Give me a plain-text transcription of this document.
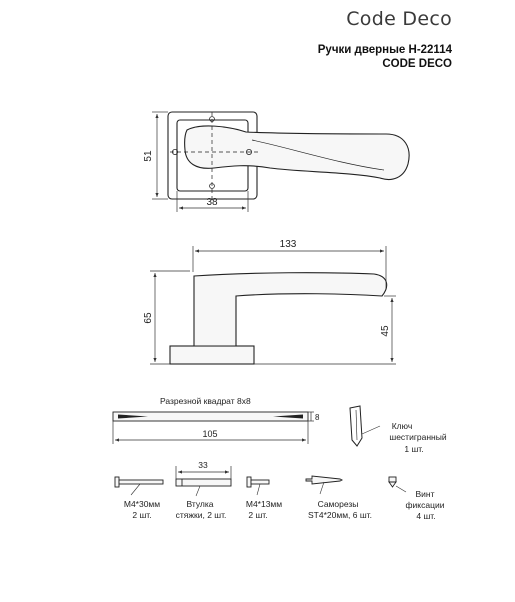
Code Deco
Ручки дверные H-22114
CODE DECO
51
38
133
65
45
Разрезной квадрат 8х8
105
8
Ключ
шестигранный
1 шт.
М4*30мм
2 шт.
33
Втулка
стяжки, 2 шт.
М4*13мм
2 шт.
Саморезы
ST4*20мм, 6 шт.
Винт
фиксации
4 шт.
